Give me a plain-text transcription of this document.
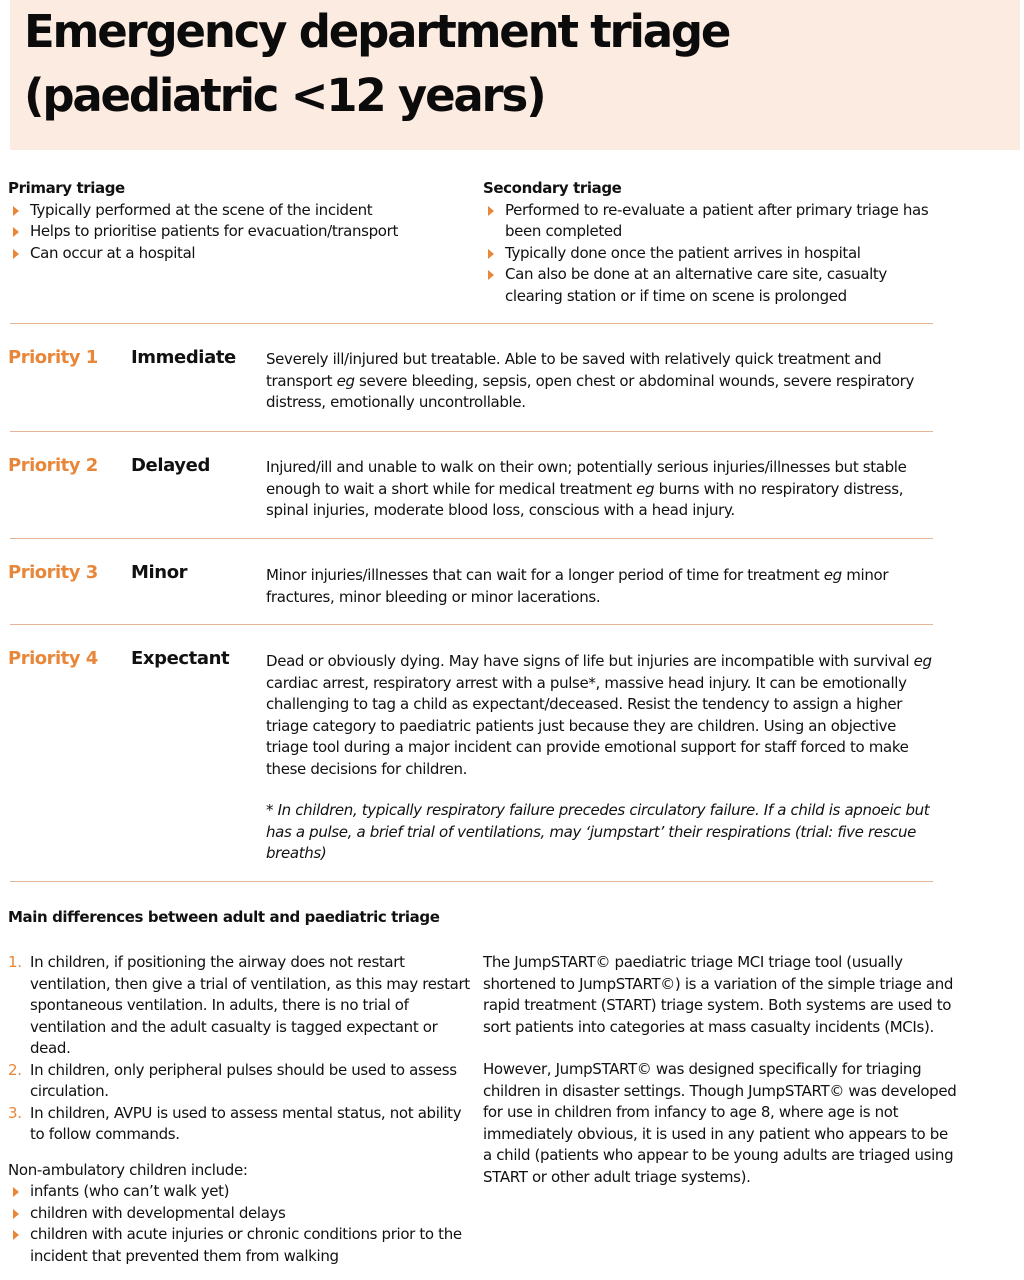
Emergency department triage
(paediatric <12 years)
Primary triage
Typically performed at the scene of the incident
Helps to prioritise patients for evacuation/transport
Can occur at a hospital
Secondary triage
Performed to re-evaluate a patient after primary triage has been completed
Typically done once the patient arrives in hospital
Can also be done at an alternative care site, casualty clearing station or if time on scene is prolonged
Priority 1 Immediate Severely ill/injured but treatable. Able to be saved with relatively quick treatment and transport eg severe bleeding, sepsis, open chest or abdominal wounds, severe respiratory distress, emotionally uncontrollable.

Priority 2 Delayed	Injured/ill and unable to walk on their own; potentially serious injuries/illnesses but stable enough to wait a short while for medical treatment eg burns with no respiratory distress, spinal injuries, moderate blood loss, conscious with a head injury.

Priority 3 Minor	Minor injuries/illnesses that can wait for a longer period of time for treatment eg minor fractures, minor bleeding or minor lacerations.

Priority 4 Expectant Dead or obviously dying. May have signs of life but injuries are incompatible with survival eg cardiac arrest, respiratory arrest with a pulse*, massive head injury. It can be emotionally challenging to tag a child as expectant/deceased. Resist the tendency to assign a higher triage category to paediatric patients just because they are children. Using an objective triage tool during a major incident can provide emotional support for staff forced to make these decisions for children.

* In children, typically respiratory failure precedes circulatory failure. If a child is apnoeic but has a pulse, a brief trial of ventilations, may ‘jumpstart’ their respirations (trial: five rescue breaths)

Main differences between adult and paediatric triage
1. In children, if positioning the airway does not restart ventilation, then give a trial of ventilation, as this may restart spontaneous ventilation. In adults, there is no trial of ventilation and the adult casualty is tagged expectant or dead.
2. In children, only peripheral pulses should be used to assess circulation.
3. In children, AVPU is used to assess mental status, not ability to follow commands.

Non-ambulatory children include:

infants (who can’t walk yet)
children with developmental delays
children with acute injuries or chronic conditions prior to the incident that prevented them from walking

The JumpSTART© paediatric triage MCI triage tool (usually shortened to JumpSTART©) is a variation of the simple triage and rapid treatment (START) triage system. Both systems are used to sort patients into categories at mass casualty incidents (MCIs).

However, JumpSTART© was designed specifically for triaging children in disaster settings. Though JumpSTART© was developed for use in children from infancy to age 8, where age is not immediately obvious, it is used in any patient who appears to be a child (patients who appear to be young adults are triaged using START or other adult triage systems).
